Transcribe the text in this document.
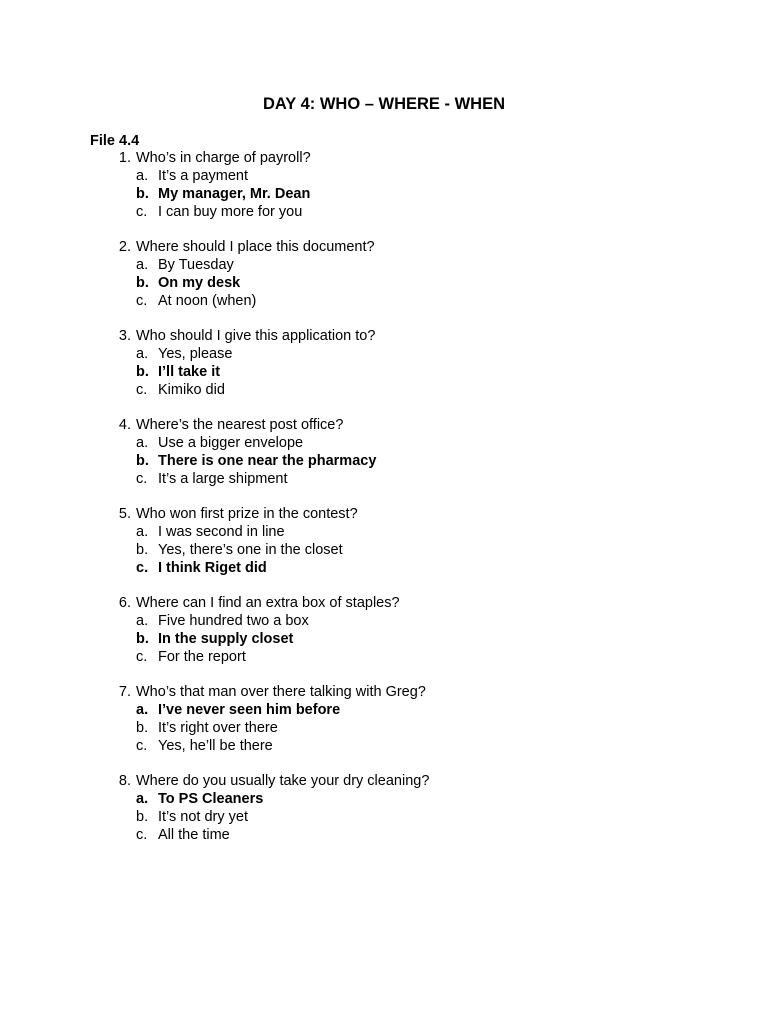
DAY 4: WHO – WHERE - WHEN
File 4.4
1. Who’s in charge of payroll?
a. It’s a payment
b. My manager, Mr. Dean
c. I can buy more for you
2. Where should I place this document?
a. By Tuesday
b. On my desk
c. At noon (when)
3. Who should I give this application to?
a. Yes, please
b. I’ll take it
c. Kimiko did
4. Where’s the nearest post office?
a. Use a bigger envelope
b. There is one near the pharmacy
c. It’s a large shipment
5. Who won first prize in the contest?
a. I was second in line
b. Yes, there’s one in the closet
c. I think Riget did
6. Where can I find an extra box of staples?
a. Five hundred two a box
b. In the supply closet
c. For the report
7. Who’s that man over there talking with Greg?
a. I’ve never seen him before
b. It’s right over there
c. Yes, he’ll be there
8. Where do you usually take your dry cleaning?
a. To PS Cleaners
b. It’s not dry yet
c. All the time
